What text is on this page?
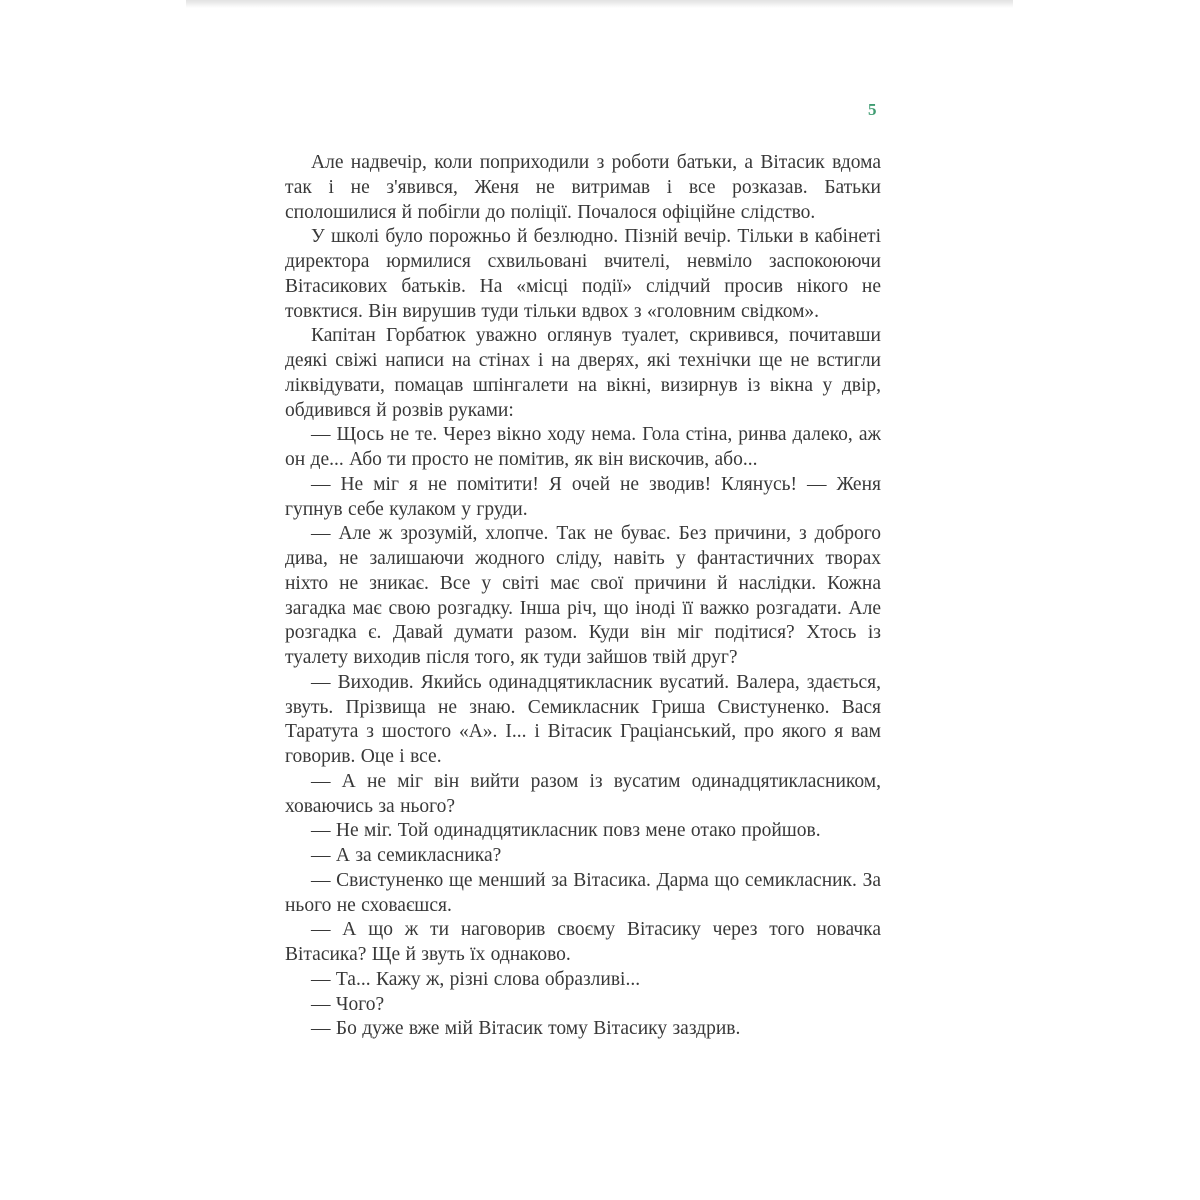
5

Але надвечір, коли поприходили з роботи батьки, а Вітасик вдома так і не з'явився, Женя не витримав і все розказав. Батьки сполошилися й побігли до поліції. Почалося офіційне слідство.

У школі було порожньо й безлюдно. Пізній вечір. Тільки в кабінеті директора юрмилися схвильовані вчителі, невміло заспокоюючи Вітасикових батьків. На «місці події» слідчий просив нікого не товктися. Він вирушив туди тільки вдвох з «головним свідком».

Капітан Горбатюк уважно оглянув туалет, скривився, почитавши деякі свіжі написи на стінах і на дверях, які технічки ще не встигли ліквідувати, помацав шпінгалети на вікні, визирнув із вікна у двір, обдивився й розвів руками:

— Щось не те. Через вікно ходу нема. Гола стіна, ринва далеко, аж он де... Або ти просто не помітив, як він вискочив, або...

— Не міг я не помітити! Я очей не зводив! Клянусь! — Женя гупнув себе кулаком у груди.

— Але ж зрозумій, хлопче. Так не буває. Без причини, з доброго дива, не залишаючи жодного сліду, навіть у фантастичних творах ніхто не зникає. Все у світі має свої причини й наслідки. Кожна загадка має свою розгадку. Інша річ, що іноді її важко розгадати. Але розгадка є. Давай думати разом. Куди він міг подітися? Хтось із туалету виходив після того, як туди зайшов твій друг?

— Виходив. Якийсь одинадцятикласник вусатий. Валера, здається, звуть. Прізвища не знаю. Семикласник Гриша Свистуненко. Вася Таратута з шостого «А». І... і Вітасик Граціанський, про якого я вам говорив. Оце і все.

— А не міг він вийти разом із вусатим одинадцятикласником, ховаючись за нього?

— Не міг. Той одинадцятикласник повз мене отако пройшов.

— А за семикласника?

— Свистуненко ще менший за Вітасика. Дарма що семикласник. За нього не сховаєшся.

— А що ж ти наговорив своєму Вітасику через того новачка Вітасика? Ще й звуть їх однаково.

— Та... Кажу ж, різні слова образливі...

— Чого?

— Бо дуже вже мій Вітасик тому Вітасику заздрив.
